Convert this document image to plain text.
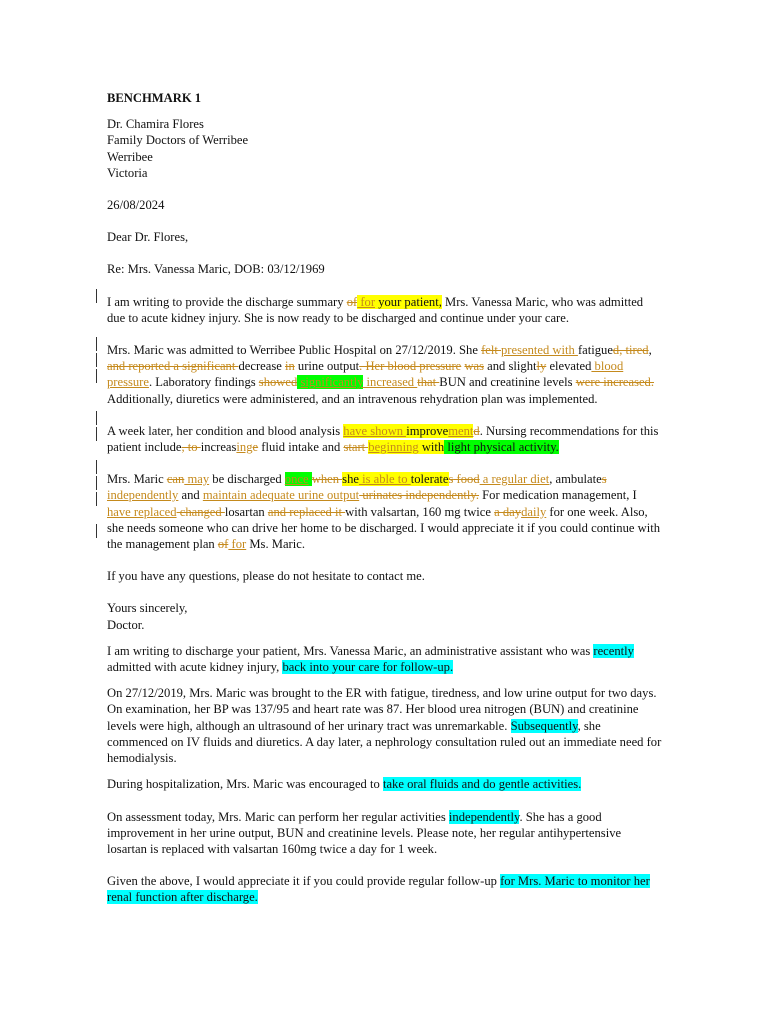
BENCHMARK 1

Dr. Chamira Flores
Family Doctors of Werribee
Werribee
Victoria

26/08/2024

Dear Dr. Flores,

Re: Mrs. Vanessa Maric, DOB: 03/12/1969

I am writing to provide the discharge summary of for your patient, Mrs. Vanessa Maric, who was admitted due to acute kidney injury. She is now ready to be discharged and continue under your care.

Mrs. Maric was admitted to Werribee Public Hospital on 27/12/2019. She felt presented with fatigued, tired, and reported a significant decrease in urine output. Her blood pressure was and slightly elevated blood pressure. Laboratory findings showed significantly increased that BUN and creatinine levels were increased. Additionally, diuretics were administered, and an intravenous rehydration plan was implemented.

A week later, her condition and blood analysis have shown improvementd. Nursing recommendations for this patient include, to increasinge fluid intake and start beginning with light physical activity.

Mrs. Maric can may be discharged once when she is able to tolerates food a regular diet, ambulates independently and maintain adequate urine output urinates independently. For medication management, I have replaced changed losartan and replaced it with valsartan, 160 mg twice a daydaily for one week. Also, she needs someone who can drive her home to be discharged. I would appreciate it if you could continue with the management plan of for Ms. Maric.

If you have any questions, please do not hesitate to contact me.

Yours sincerely,
Doctor.

I am writing to discharge your patient, Mrs. Vanessa Maric, an administrative assistant who was recently admitted with acute kidney injury, back into your care for follow-up.

On 27/12/2019, Mrs. Maric was brought to the ER with fatigue, tiredness, and low urine output for two days. On examination, her BP was 137/95 and heart rate was 87. Her blood urea nitrogen (BUN) and creatinine levels were high, although an ultrasound of her urinary tract was unremarkable. Subsequently, she commenced on IV fluids and diuretics. A day later, a nephrology consultation ruled out an immediate need for hemodialysis.

During hospitalization, Mrs. Maric was encouraged to take oral fluids and do gentle activities.

On assessment today, Mrs. Maric can perform her regular activities independently. She has a good improvement in her urine output, BUN and creatinine levels. Please note, her regular antihypertensive losartan is replaced with valsartan 160mg twice a day for 1 week.

Given the above, I would appreciate it if you could provide regular follow-up for Mrs. Maric to monitor her renal function after discharge.
